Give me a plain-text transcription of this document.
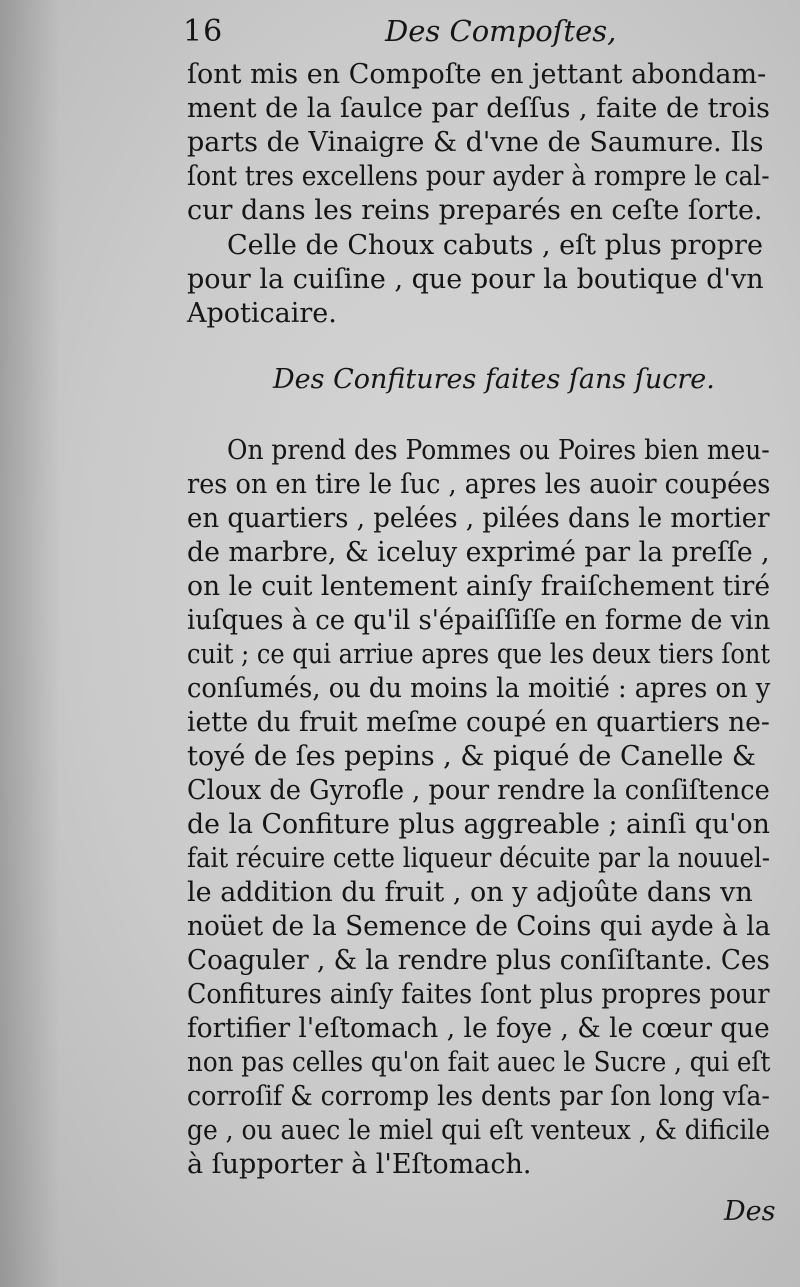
16	Des Compoſtes,
ſont mis en Compoſte en jettant abondam-
ment de la ſaulce par deſſus , faite de trois
parts de Vinaigre & d'vne de Saumure. Ils
ſont tres excellens pour ayder à rompre le cal-
cur dans les reins preparés en ceſte ſorte.
Celle de Choux cabuts , eſt plus propre
pour la cuiſine , que pour la boutique d'vn
Apoticaire.
Des Confitures faites ſans ſucre.
On prend des Pommes ou Poires bien meu-
res on en tire le ſuc , apres les auoir coupées
en quartiers , pelées , pilées dans le mortier
de marbre, & iceluy exprimé par la preſſe ,
on le cuit lentement ainſy fraiſchement tiré
iuſques à ce qu'il s'épaiſſiſſe en forme de vin
cuit ; ce qui arriue apres que les deux tiers ſont
conſumés, ou du moins la moitié : apres on y
iette du fruit meſme coupé en quartiers ne-
toyé de ſes pepins , & piqué de Canelle &
Cloux de Gyrofle , pour rendre la conſiſtence
de la Confiture plus aggreable ; ainſi qu'on
fait récuire cette liqueur décuite par la nouuel-
le addition du fruit , on y adjoûte dans vn
noüet de la Semence de Coins qui ayde à la
Coaguler , & la rendre plus conſiſtante. Ces
Confitures ainſy faites ſont plus propres pour
fortifier l'eſtomach , le foye , & le cœur que
non pas celles qu'on fait auec le Sucre , qui eſt
corroſif & corromp les dents par ſon long vſa-
ge , ou auec le miel qui eſt venteux , & dificile
à ſupporter à l'Eſtomach.
Des
